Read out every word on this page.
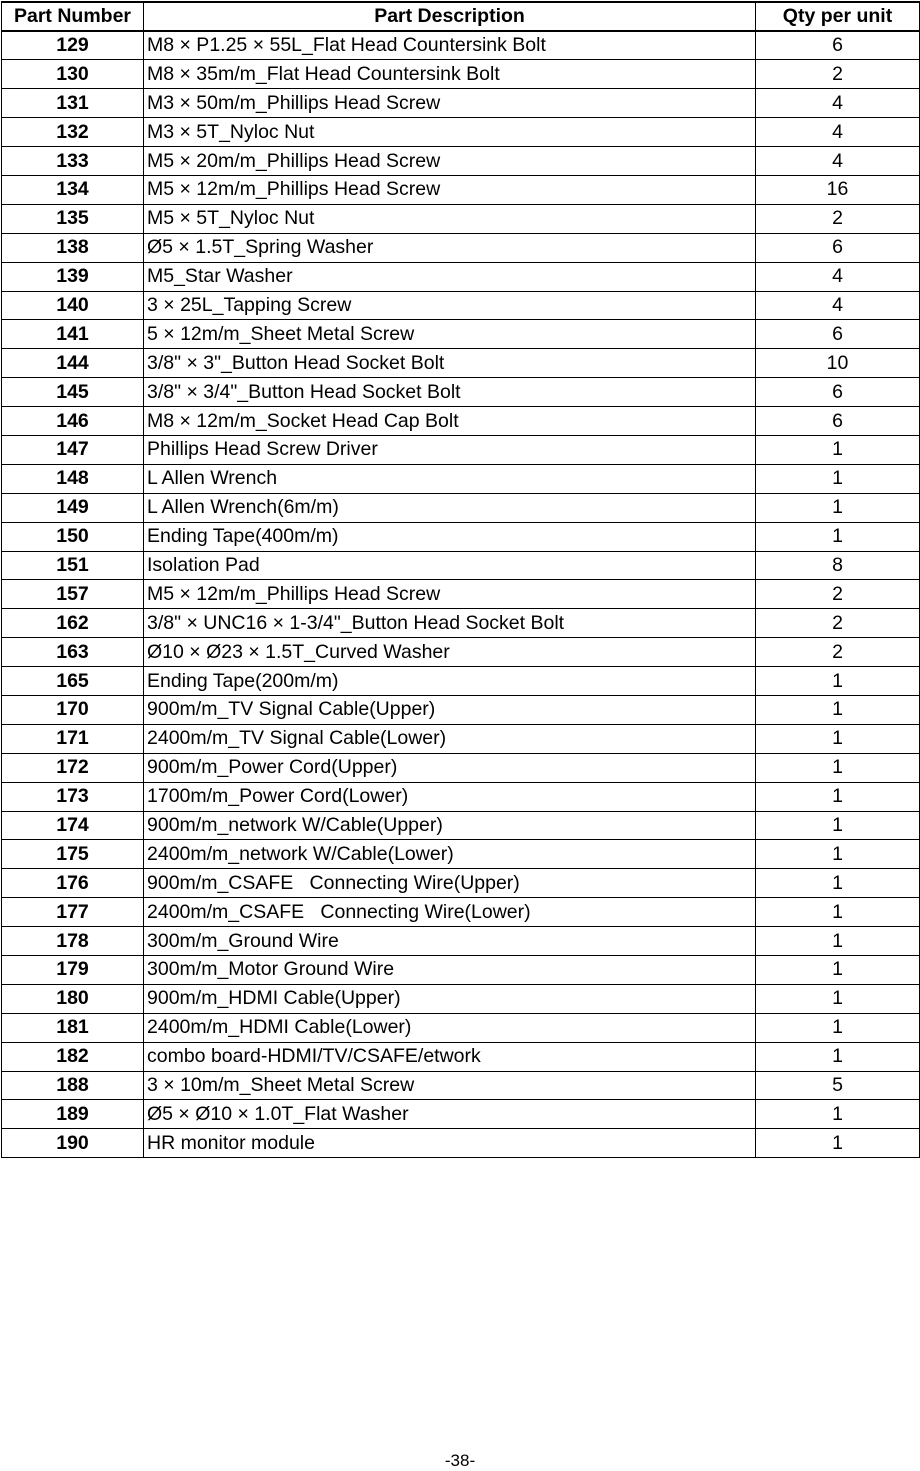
Part Number	Part Description	Qty per unit
129	M8 × P1.25 × 55L_Flat Head Countersink Bolt	6
130	M8 × 35m/m_Flat Head Countersink Bolt	2
131	M3 × 50m/m_Phillips Head Screw	4
132	M3 × 5T_Nyloc Nut	4
133	M5 × 20m/m_Phillips Head Screw	4
134	M5 × 12m/m_Phillips Head Screw	16
135	M5 × 5T_Nyloc Nut	2
138	Ø5 × 1.5T_Spring Washer	6
139	M5_Star Washer	4
140	3 × 25L_Tapping Screw	4
141	5 × 12m/m_Sheet Metal Screw	6
144	3/8" × 3"_Button Head Socket Bolt	10
145	3/8" × 3/4"_Button Head Socket Bolt	6
146	M8 × 12m/m_Socket Head Cap Bolt	6
147	Phillips Head Screw Driver	1
148	L Allen Wrench	1
149	L Allen Wrench(6m/m)	1
150	Ending Tape(400m/m)	1
151	Isolation Pad	8
157	M5 × 12m/m_Phillips Head Screw	2
162	3/8" × UNC16 × 1-3/4"_Button Head Socket Bolt	2
163	Ø10 × Ø23 × 1.5T_Curved Washer	2
165	Ending Tape(200m/m)	1
170	900m/m_TV Signal Cable(Upper)	1
171	2400m/m_TV Signal Cable(Lower)	1
172	900m/m_Power Cord(Upper)	1
173	1700m/m_Power Cord(Lower)	1
174	900m/m_network W/Cable(Upper)	1
175	2400m/m_network W/Cable(Lower)	1
176	900m/m_CSAFE   Connecting Wire(Upper)	1
177	2400m/m_CSAFE   Connecting Wire(Lower)	1
178	300m/m_Ground Wire	1
179	300m/m_Motor Ground Wire	1
180	900m/m_HDMI Cable(Upper)	1
181	2400m/m_HDMI Cable(Lower)	1
182	combo board-HDMI/TV/CSAFE/etwork	1
188	3 × 10m/m_Sheet Metal Screw	5
189	Ø5 × Ø10 × 1.0T_Flat Washer	1
190	HR monitor module	1
-38-
